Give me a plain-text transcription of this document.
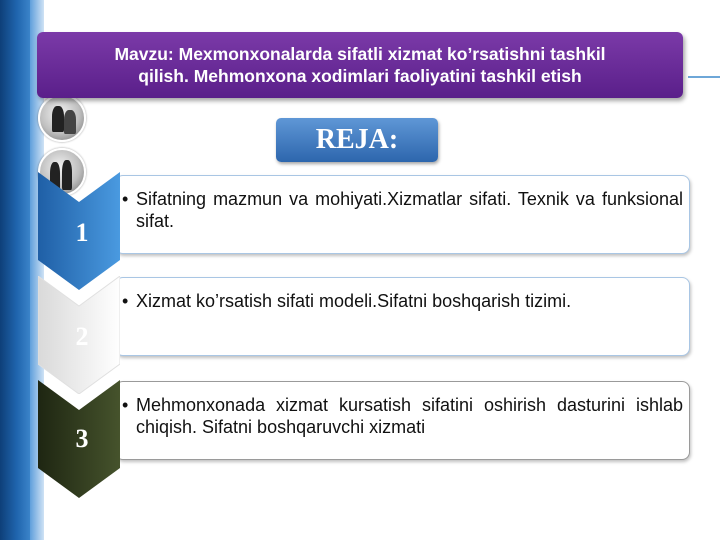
Mavzu: Mexmonxonalarda sifatli xizmat ko’rsatishni tashkil
qilish. Mehmonxona xodimlari faoliyatini tashkil etish
REJA:
• Sifatning mazmun va mohiyati.Xizmatlar sifati. Texnik va funksional sifat.
1
• Xizmat ko’rsatish sifati modeli.Sifatni boshqarish tizimi.
2
• Mehmonxonada xizmat kursatish sifatini oshirish dasturini ishlab chiqish. Sifatni boshqaruvchi xizmati
3
